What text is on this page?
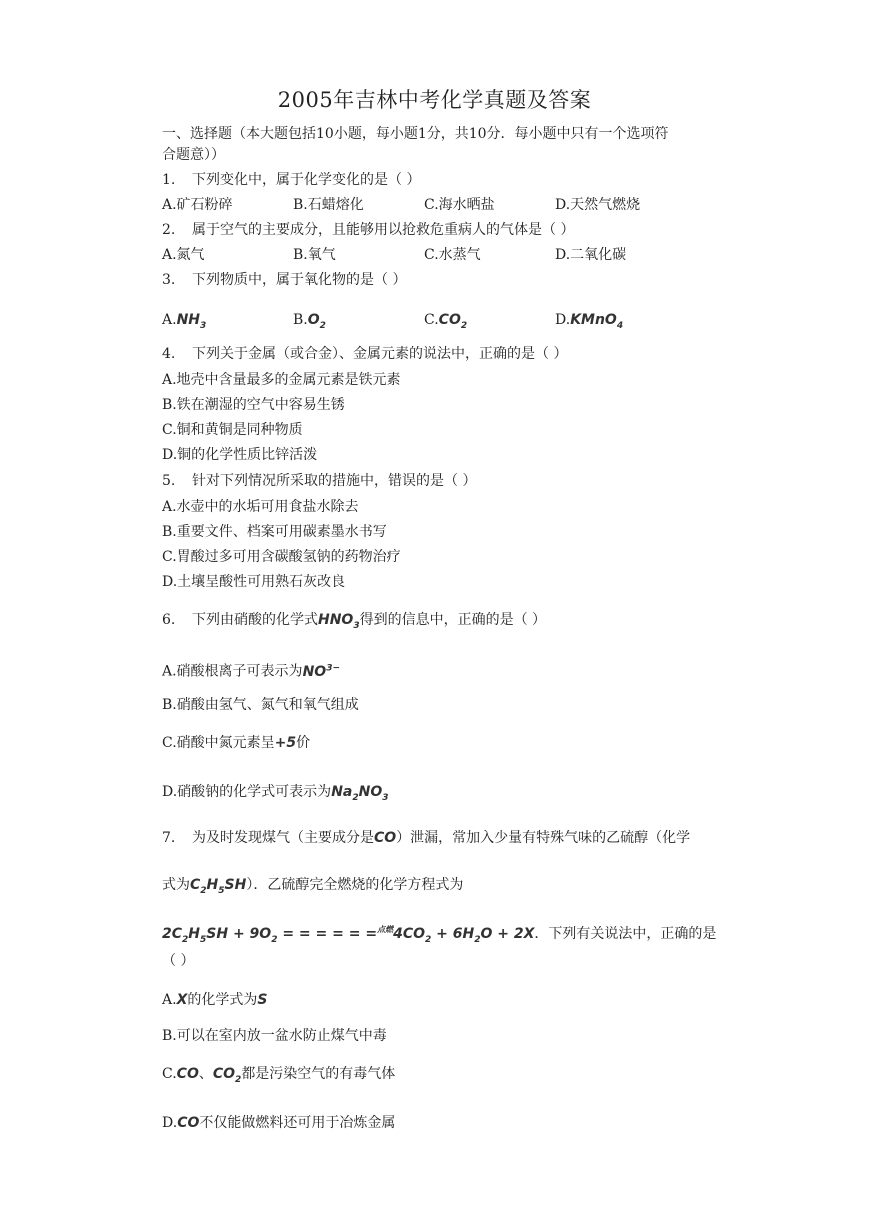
2005年吉林中考化学真题及答案
一、选择题（本大题包括10小题，每小题1分，共10分．每小题中只有一个选项符
合题意））
1. 下列变化中，属于化学变化的是（ ）
A.矿石粉碎	B.石蜡熔化	C.海水晒盐	D.天然气燃烧
2. 属于空气的主要成分，且能够用以抢救危重病人的气体是（ ）
A.氮气	B.氧气	C.水蒸气	D.二氧化碳
3. 下列物质中，属于氧化物的是（ ）
$A.NH_3$	$B.O_2$	$C.CO_2$	D.KMnO$_4$
4. 下列关于金属（或合金）、金属元素的说法中，正确的是（ ）
A.地壳中含量最多的金属元素是铁元素
B.铁在潮湿的空气中容易生锈
C.铜和黄铜是同种物质
D.铜的化学性质比锌活泼
5. 针对下列情况所采取的措施中，错误的是（ ）
A.水壶中的水垢可用食盐水除去
B.重要文件、档案可用碳素墨水书写
C.胃酸过多可用含碳酸氢钠的药物治疗
D.土壤呈酸性可用熟石灰改良
6. 下列由硝酸的化学式$HNO_3$得到的信息中，正确的是（ ）
A.硝酸根离子可表示为$NO^{3-}$
B.硝酸由氢气、氮气和氧气组成
C.硝酸中氮元素呈+5价
D.硝酸钠的化学式可表示为$Na_2NO_3$
7. 为及时发现煤气（主要成分是CO）泄漏，常加入少量有特殊气味的乙硫醇（化学
式为$C_2H_5SH$）．乙硫醇完全燃烧的化学方程式为
$2C_2H_5SH + 9O_2$ = = = = = $=^{点燃}4CO_2 + 6H_2O + 2X$．下列有关说法中，正确的是
（ ）
A.X的化学式为S
B.可以在室内放一盆水防止煤气中毒
C.CO、$CO_2$都是污染空气的有毒气体
D.CO不仅能做燃料还可用于冶炼金属
